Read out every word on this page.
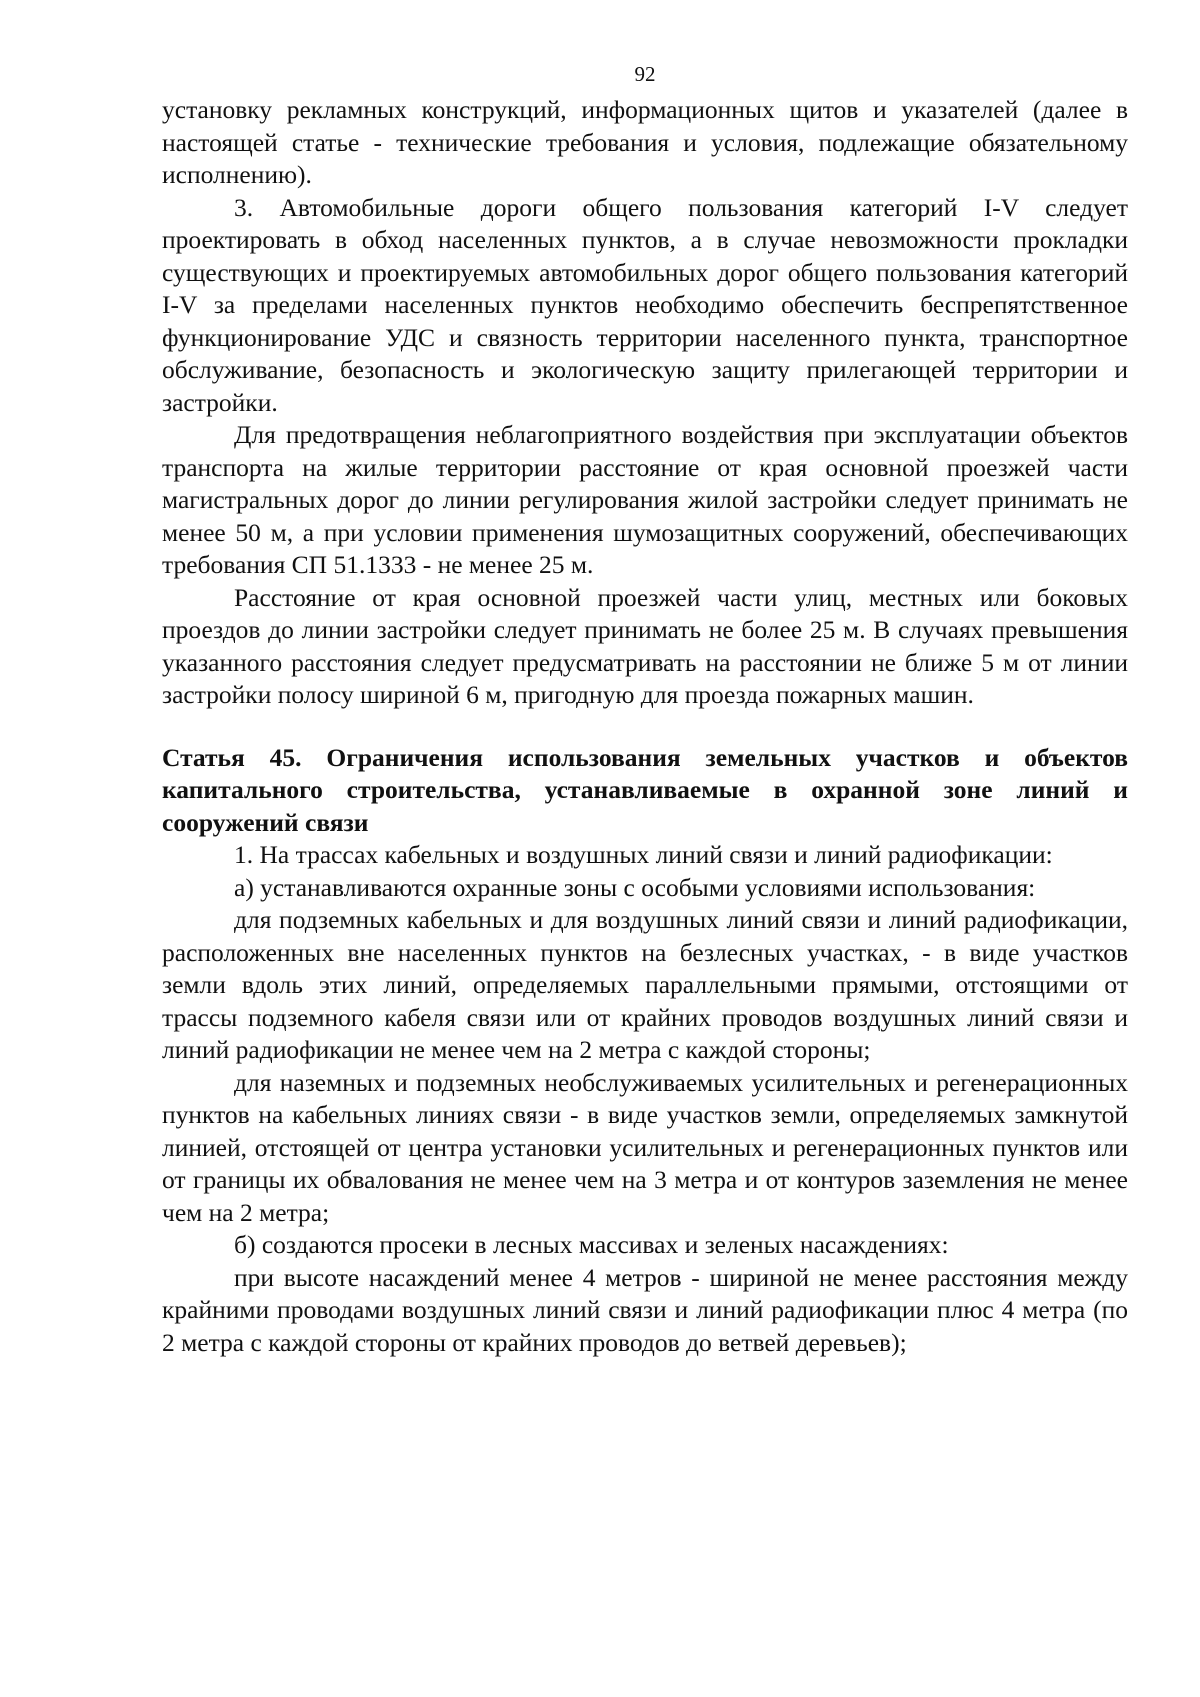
92

установку рекламных конструкций, информационных щитов и указателей (далее в настоящей статье - технические требования и условия, подлежащие обязательному исполнению).

3. Автомобильные дороги общего пользования категорий I-V следует проектировать в обход населенных пунктов, а в случае невозможности прокладки существующих и проектируемых автомобильных дорог общего пользования категорий I-V за пределами населенных пунктов необходимо обеспечить беспрепятственное функционирование УДС и связность территории населенного пункта, транспортное обслуживание, безопасность и экологическую защиту прилегающей территории и застройки.

Для предотвращения неблагоприятного воздействия при эксплуатации объектов транспорта на жилые территории расстояние от края основной проезжей части магистральных дорог до линии регулирования жилой застройки следует принимать не менее 50 м, а при условии применения шумозащитных сооружений, обеспечивающих требования СП 51.1333 - не менее 25 м.

Расстояние от края основной проезжей части улиц, местных или боковых проездов до линии застройки следует принимать не более 25 м. В случаях превышения указанного расстояния следует предусматривать на расстоянии не ближе 5 м от линии застройки полосу шириной 6 м, пригодную для проезда пожарных машин.

Статья 45. Ограничения использования земельных участков и объектов капитального строительства, устанавливаемые в охранной зоне линий и сооружений связи

1. На трассах кабельных и воздушных линий связи и линий радиофикации:

а) устанавливаются охранные зоны с особыми условиями использования:

для подземных кабельных и для воздушных линий связи и линий радиофикации, расположенных вне населенных пунктов на безлесных участках, - в виде участков земли вдоль этих линий, определяемых параллельными прямыми, отстоящими от трассы подземного кабеля связи или от крайних проводов воздушных линий связи и линий радиофикации не менее чем на 2 метра с каждой стороны;

для наземных и подземных необслуживаемых усилительных и регенерационных пунктов на кабельных линиях связи - в виде участков земли, определяемых замкнутой линией, отстоящей от центра установки усилительных и регенерационных пунктов или от границы их обвалования не менее чем на 3 метра и от контуров заземления не менее чем на 2 метра;

б) создаются просеки в лесных массивах и зеленых насаждениях:

при высоте насаждений менее 4 метров - шириной не менее расстояния между крайними проводами воздушных линий связи и линий радиофикации плюс 4 метра (по 2 метра с каждой стороны от крайних проводов до ветвей деревьев);
